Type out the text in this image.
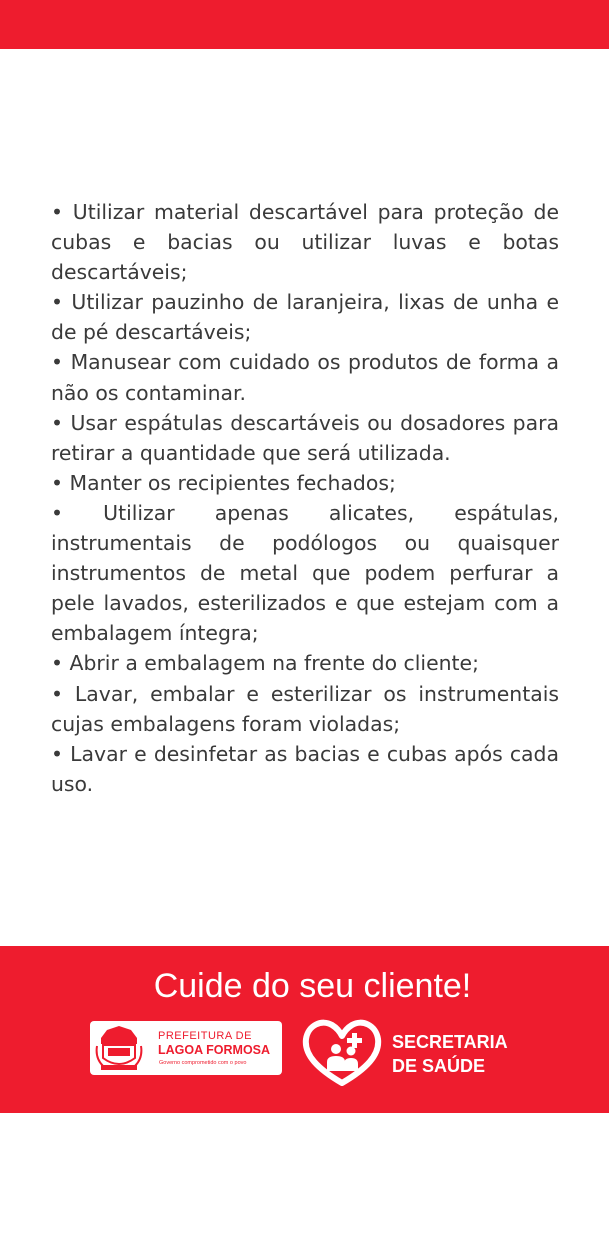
• Utilizar material descartável para proteção de cubas e bacias ou utilizar luvas e botas descartáveis;

• Utilizar pauzinho de laranjeira, lixas de unha e de pé descartáveis;

• Manusear com cuidado os produtos de forma a não os contaminar.

• Usar espátulas descartáveis ou dosadores para retirar a quantidade que será utilizada.

• Manter os recipientes fechados;

• Utilizar apenas alicates, espátulas, instrumentais de podólogos ou quaisquer instrumentos de metal que podem perfurar a pele lavados, esterilizados e que estejam com a embalagem íntegra;

• Abrir a embalagem na frente do cliente;

• Lavar, embalar e esterilizar os instrumentais cujas embalagens foram violadas;

• Lavar e desinfetar as bacias e cubas após cada uso.

Cuide do seu cliente!
PREFEITURA DE
LAGOA FORMOSA
Governo comprometido com o povo
SECRETARIA
DE SAÚDE
